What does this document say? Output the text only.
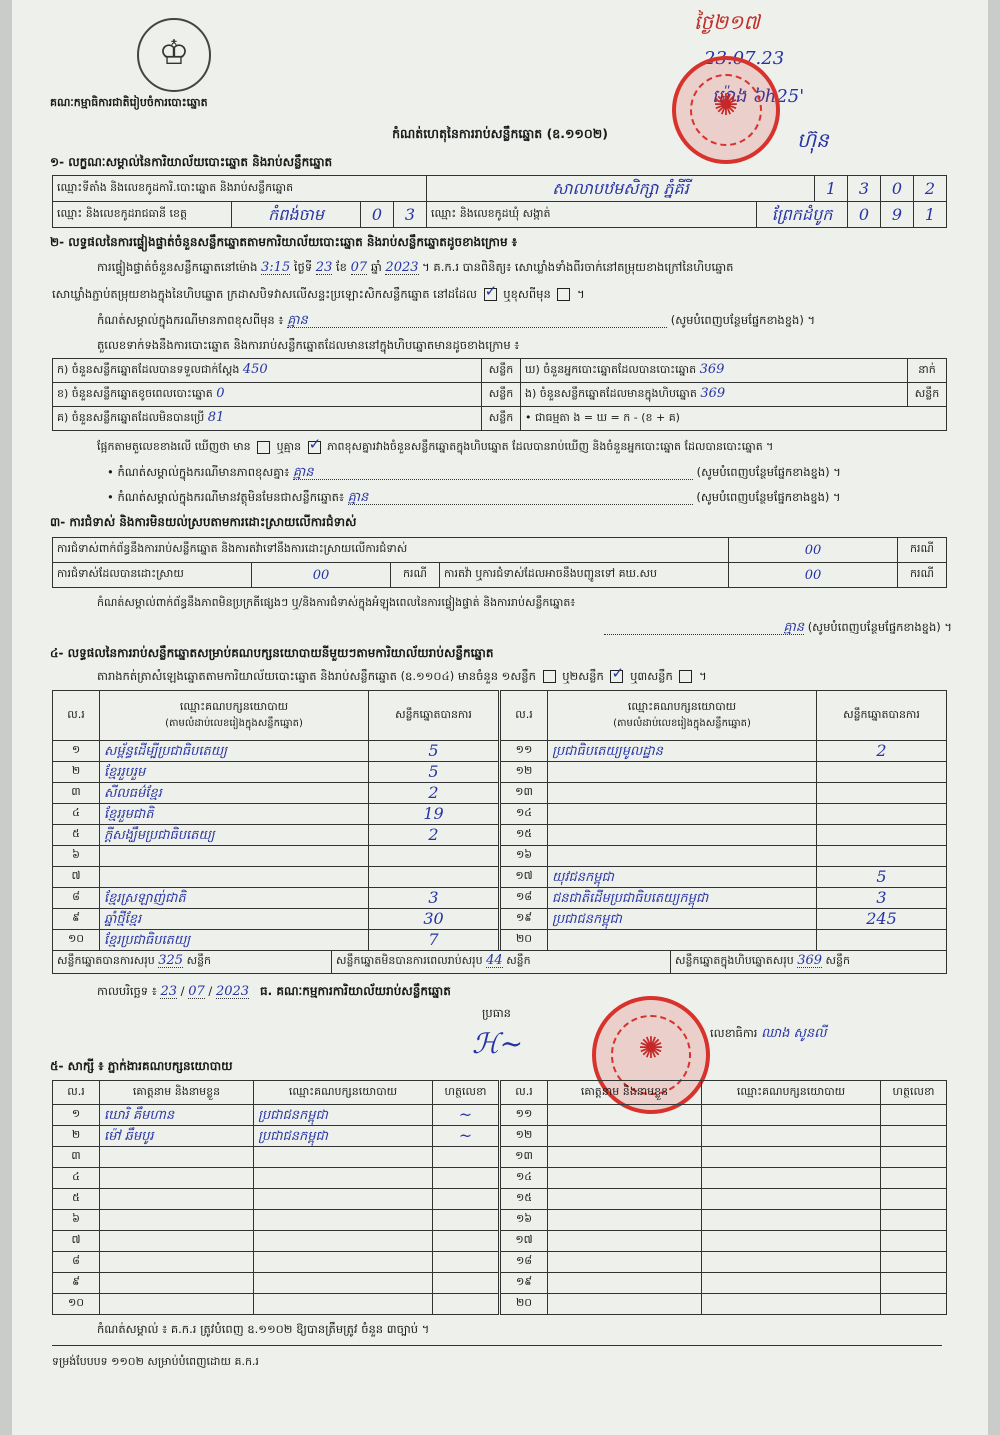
♔
គណៈកម្មាធិការជាតិរៀបចំការបោះឆ្នោត
កំណត់ហេតុនៃការរាប់សន្លឹកឆ្នោត (ឧ.១១០២)
ថ្ងៃ២១៧
23.07.23
ម៉ោង ៦h25'
ហ៊ុន
✺
១- លក្ខណៈសម្គាល់នៃការិយាល័យបោះឆ្នោត និងរាប់សន្លឹកឆ្នោត
ឈ្មោះទីតាំង និងលេខកូដការិ.បោះឆ្នោត និងរាប់សន្លឹកឆ្នោត				សាលាបឋមសិក្សា ភ្នំគីរី		1	3	0	2
ឈ្មោះ និងលេខកូដរាជធានី ខេត្ត	កំពង់ចាម	0	3	ឈ្មោះ និងលេខកូដឃុំ សង្កាត់	ព្រែកដំបូក		0	9	1
២- លទ្ធផលនៃការផ្ទៀងផ្ទាត់ចំនួនសន្លឹកឆ្នោតតាមការិយាល័យបោះឆ្នោត និងរាប់សន្លឹកឆ្នោតដូចខាងក្រោម ៖
ការផ្ទៀងផ្ទាត់ចំនួនសន្លឹកឆ្នោតនៅម៉ោង 3:15 ថ្ងៃទី 23 ខែ 07 ឆ្នាំ 2023 ។ គ.ក.រ បានពិនិត្យ៖ សោឃ្លាំងទាំងពីរចាក់នៅតម្រុយខាងក្រៅនៃហិបឆ្នោត
សោឃ្លាំងភ្ជាប់តម្រុយខាងក្នុងនៃហិបឆ្នោត ក្រដាសបិទវាសលើសន្ទះប្រឡោះសិកសន្លឹកឆ្នោត នៅដដែល ✓ ឬខុសពីមុន ។
កំណត់សម្គាល់ក្នុងករណីមានភាពខុសពីមុន ៖ គ្មាន	(សូមបំពេញបន្ថែមផ្នែកខាងខ្នង) ។
តួលេខទាក់ទងនឹងការបោះឆ្នោត និងការរាប់សន្លឹកឆ្នោតដែលមាននៅក្នុងហិបឆ្នោតមានដូចខាងក្រោម ៖
ក) ចំនួនសន្លឹកឆ្នោតដែលបានទទួលជាក់ស្តែង 450	សន្លឹក	ឃ) ចំនួនអ្នកបោះឆ្នោតដែលបានបោះឆ្នោត 369	នាក់
ខ) ចំនួនសន្លឹកឆ្នោតខូចពេលបោះឆ្នោត 0	សន្លឹក	ង) ចំនួនសន្លឹកឆ្នោតដែលមានក្នុងហិបឆ្នោត 369	សន្លឹក
គ) ចំនួនសន្លឹកឆ្នោតដែលមិនបានប្រើ 81	សន្លឹក	• ជាធម្មតា ង = ឃ = ក - (ខ + គ)	
ផ្អែកតាមតួលេខខាងលើ ឃើញថា មាន ឬគ្មាន ✓ ភាពខុសគ្នារវាងចំនួនសន្លឹកឆ្នោតក្នុងហិបឆ្នោត ដែលបានរាប់ឃើញ និងចំនួនអ្នកបោះឆ្នោត ដែលបានបោះឆ្នោត ។
• កំណត់សម្គាល់ក្នុងករណីមានភាពខុសគ្នា៖ គ្មាន	(សូមបំពេញបន្ថែមផ្នែកខាងខ្នង) ។
• កំណត់សម្គាល់ក្នុងករណីមានវត្ថុមិនមែនជាសន្លឹកឆ្នោត៖ គ្មាន	(សូមបំពេញបន្ថែមផ្នែកខាងខ្នង) ។
៣- ការជំទាស់ និងការមិនយល់ស្របតាមការដោះស្រាយលើការជំទាស់
ការជំទាស់ពាក់ព័ន្ធនឹងការរាប់សន្លឹកឆ្នោត និងការតវ៉ាទៅនឹងការដោះស្រាយលើការជំទាស់				00	ករណី
ការជំទាស់ដែលបានដោះស្រាយ	00	ករណី	ការតវ៉ា ឬការជំទាស់ដែលអាចនឹងបញ្ជូនទៅ គឃ.សប	00	ករណី
កំណត់សម្គាល់ពាក់ព័ន្ធនឹងភាពមិនប្រក្រតីផ្សេងៗ ឬ/និងការជំទាស់ក្នុងអំឡុងពេលនៃការផ្ទៀងផ្ទាត់ និងការរាប់សន្លឹកឆ្នោត៖
គ្មាន (សូមបំពេញបន្ថែមផ្នែកខាងខ្នង) ។
៤- លទ្ធផលនៃការរាប់សន្លឹកឆ្នោតសម្រាប់គណបក្សនយោបាយនីមួយៗតាមការិយាល័យរាប់សន្លឹកឆ្នោត
តារាងកត់ត្រាសំឡេងឆ្នោតតាមការិយាល័យបោះឆ្នោត និងរាប់សន្លឹកឆ្នោត (ឧ.១១០៤) មានចំនួន ១សន្លឹក ឬ២សន្លឹក ✓ ឬ៣សន្លឹក ។
ល.រ	ឈ្មោះគណបក្សនយោបាយ
(តាមលំដាប់លេខរៀងក្នុងសន្លឹកឆ្នោត)	សន្លឹកឆ្នោតបានការ
១	សម្ព័ន្ធដើម្បីប្រជាធិបតេយ្យ	5
២	ខ្មែររួបរួម	5
៣	សីលធម៌ខ្មែរ	2
៤	ខ្មែររួមជាតិ	19
៥	ក្តីសង្ឃឹមប្រជាធិបតេយ្យ	2
៦		
៧		
៨	ខ្មែរស្រឡាញ់ជាតិ	3
៩	ឆ្នាំថ្មីខ្មែរ	30
១០	ខ្មែរប្រជាធិបតេយ្យ	7
ល.រ	ឈ្មោះគណបក្សនយោបាយ
(តាមលំដាប់លេខរៀងក្នុងសន្លឹកឆ្នោត)	សន្លឹកឆ្នោតបានការ
១១	ប្រជាធិបតេយ្យមូលដ្ឋាន	2
១២		
១៣		
១៤		
១៥		
១៦		
១៧	យុវជនកម្ពុជា	5
១៨	ជនជាតិដើមប្រជាធិបតេយ្យកម្ពុជា	3
១៩	ប្រជាជនកម្ពុជា	245
២០		
សន្លឹកឆ្នោតបានការសរុប 325 សន្លឹក	សន្លឹកឆ្នោតមិនបានការពេលរាប់សរុប 44 សន្លឹក	សន្លឹកឆ្នោតក្នុងហិបឆ្នោតសរុប 369 សន្លឹក
កាលបរិច្ឆេទ ៖ 23 / 07 / 2023 ធ. គណៈកម្មការការិយាល័យរាប់សន្លឹកឆ្នោត
ប្រធាន
ℋ~ ✺	លេខាធិការ ឈាង សូនលី
៥- សាក្សី ៖ ភ្នាក់ងារគណបក្សនយោបាយ
ល.រ	គោត្តនាម និងនាមខ្លួន	ឈ្មោះគណបក្សនយោបាយ	ហត្ថលេខា
១	ឃោរិ គឹមហាន	ប្រជាជនកម្ពុជា	~
២	ម៉ៅ ឆឹមបូរ	ប្រជាជនកម្ពុជា	~
៣			
៤			
៥			
៦			
៧			
៨			
៩			
១០			
ល.រ	គោត្តនាម និងនាមខ្លួន	ឈ្មោះគណបក្សនយោបាយ	ហត្ថលេខា
១១			
១២			
១៣			
១៤			
១៥			
១៦			
១៧			
១៨			
១៩			
២០			
កំណត់សម្គាល់ ៖ គ.ក.រ ត្រូវបំពេញ ឧ.១១០២ ឱ្យបានត្រឹមត្រូវ ចំនួន ៣ច្បាប់ ។
ទម្រង់បែបបទ ១១០២ សម្រាប់បំពេញដោយ គ.ក.រ
